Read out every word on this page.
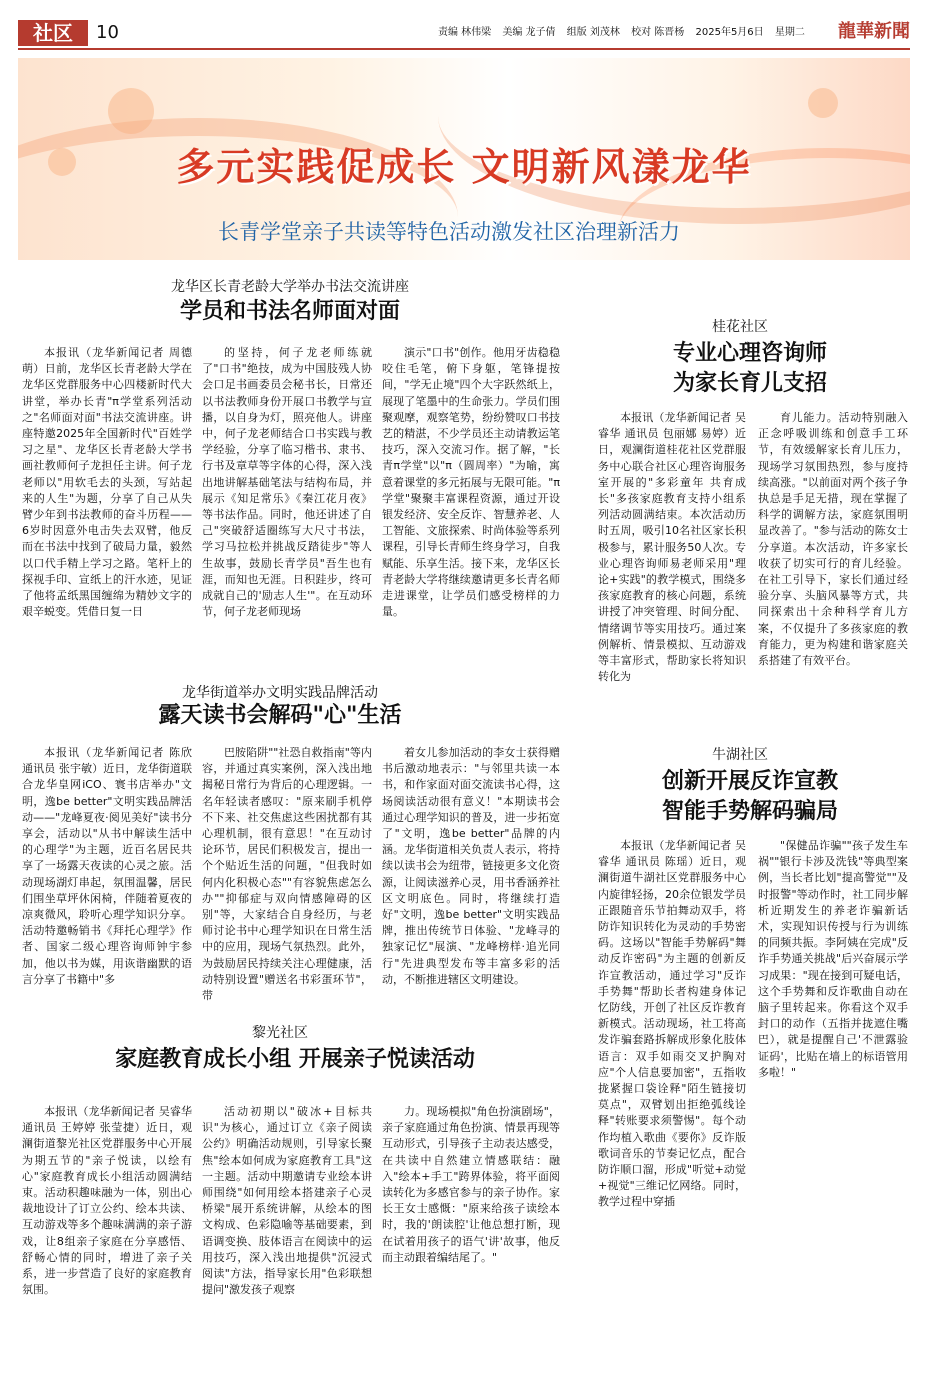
社区	10	责编 林伟梁 美编 龙子倩 组版 刘茂林 校对 陈晋杨 2025年5月6日 星期二	龍華新聞
多元实践促成长 文明新风漾龙华
长青学堂亲子共读等特色活动激发社区治理新活力
龙华区长青老龄大学举办书法交流讲座
学员和书法名师面对面

本报讯（龙华新闻记者 周德萌）日前，龙华区长青老龄大学在龙华区党群服务中心四楼新时代大讲堂，举办长青"π学堂系列活动之"名师面对面"书法交流讲座。讲座特邀2025年全国新时代"百姓学习之星"、龙华区长青老龄大学书画社教师何子龙担任主讲。何子龙老师以"用软毛去的头颈，写站起来的人生"为题，分享了自己从失臂少年到书法教师的奋斗历程——6岁时因意外电击失去双臂，他反而在书法中找到了破局力量，毅然以口代手精上学习之路。笔杆上的探视手印、宣纸上的汗水迹，见证了他将孟纸黑国缠绵为精妙文字的艰辛蜕变。凭借日复一日

的坚持，何子龙老师练就了"口书"绝技，成为中国肢残人协会口足书画委员会秘书长，日常还以书法教师身份开展口书教学与宣播，以自身为灯，照亮他人。讲座中，何子龙老师结合口书实践与教学经验，分享了临习楷书、隶书、行书及章草等字体的心得，深入浅出地讲解基础笔法与结构布局，并展示《知足常乐》《秦江花月夜》等书法作品。同时，他还讲述了自己"突破舒适圈练写大尺寸书法，学习马拉松并挑战反踏徒步"等人生故事，鼓励长青学员"吾生也有涯，而知也无涯。日积跬步，终可成就自己的'励志人生'"。在互动环节，何子龙老师现场

演示"口书"创作。他用牙齿稳稳咬住毛笔，俯下身躯，笔锋提按间，"学无止境"四个大字跃然纸上，展现了笔墨中的生命张力。学员们围聚观摩，观察笔势，纷纷赞叹口书技艺的精湛，不少学员还主动请教运笔技巧，深入交流习作。据了解，"长青π学堂"以"π（圆周率）"为喻，寓意着课堂的多元拓展与无限可能。"π学堂"聚聚丰富课程资源，通过开设银发经济、安全反诈、智慧养老、人工智能、文旅探索、时尚体验等系列课程，引导长青师生终身学习，自我赋能、乐享生活。接下来，龙华区长青老龄大学将继续邀请更多长青名师走进课堂，让学员们感受榜样的力量。

桂花社区
专业心理咨询师
为家长育儿支招

本报讯（龙华新闻记者 吴睿华 通讯员 包丽娜 易婷）近日，观澜街道桂花社区党群服务中心联合社区心理咨询服务室开展的"多彩童年 共育成长"多孩家庭教育支持小组系列活动圆满结束。本次活动历时五周，吸引10名社区家长积极参与，累计服务50人次。专业心理咨询师易老师采用"理论+实践"的教学模式，围绕多孩家庭教育的核心问题，系统讲授了冲突管理、时间分配、情绪调节等实用技巧。通过案例解析、情景模拟、互动游戏等丰富形式，帮助家长将知识转化为

育儿能力。活动特别融入正念呼吸训练和创意手工环节，有效缓解家长育儿压力，现场学习氛围热烈，参与度持续高涨。"以前面对两个孩子争执总是手足无措，现在掌握了科学的调解方法，家庭氛围明显改善了。"参与活动的陈女士分享道。本次活动，许多家长收获了切实可行的育儿经验。在社工引导下，家长们通过经验分享、头脑风暴等方式，共同探索出十余种科学育儿方案，不仅提升了多孩家庭的教育能力，更为构建和谐家庭关系搭建了有效平台。

龙华街道举办文明实践品牌活动
露天读书会解码"心"生活

本报讯（龙华新闻记者 陈欣 通讯员 张宇敏）近日，龙华街道联合龙华皇网iCO、寰书店举办"文明，逸be better"文明实践品牌活动——"龙峰夏夜·阅见美好"读书分享会，活动以"从书中解读生活中的心理学"为主题，近百名居民共享了一场露天夜读的心灵之旅。活动现场湖灯串起，氛围温馨，居民们围坐草坪休闲椅，伴随着夏夜的凉爽微风，聆听心理学知识分享。活动特邀畅销书《拜托心理学》作者、国家二级心理咨询师钟宇参加，他以书为媒，用诙谐幽默的语言分享了书籍中"多

巴胺陷阱""社恐自救指南"等内容，并通过真实案例，深入浅出地揭秘日常行为背后的心理逻辑。一名年轻读者感叹："原来刷手机停不下来、社交焦虑这些困扰都有其心理机制，很有意思！"在互动讨论环节，居民们积极发言，提出一个个贴近生活的问题，"但我时如何内化积极心态""有容貌焦虑怎么办""抑郁症与双向情感障碍的区别"等，大家结合自身经历，与老师讨论书中心理学知识在日常生活中的应用，现场气氛热烈。此外，为鼓励居民持续关注心理健康，活动特别设置"赠送名书彩蛋环节"，带

着女儿参加活动的李女士获得赠书后激动地表示："与邻里共读一本书，和作家面对面交流读书心得，这场阅读活动很有意义！"本期读书会通过心理学知识的普及，进一步拓宽了"文明，逸be better"品牌的内涵。龙华街道相关负责人表示，将持续以读书会为纽带，链接更多文化资源，让阅读滋养心灵，用书香涵养社区文明底色。同时，将继续打造好"文明，逸be better"文明实践品牌，推出传统节日体验、"龙峰寻的独家记忆"展演、"龙峰榜样·追光同行"先进典型发布等丰富多彩的活动，不断推进辖区文明建设。

牛湖社区
创新开展反诈宣教
智能手势解码骗局

本报讯（龙华新闻记者 吴睿华 通讯员 陈瑶）近日，观澜街道牛湖社区党群服务中心内旋律轻扬，20余位银发学员正跟随音乐节拍舞动双手，将防诈知识转化为灵动的手势密码。这场以"智能手势解码"舞动反诈密码"为主题的创新反诈宣教活动，通过学习"反诈手势舞"帮助长者构建身体记忆防线，开创了社区反诈教育新模式。活动现场，社工将高发诈骗套路拆解成形象化肢体语言：双手如雨交叉护胸对应"个人信息要加密"，五指收拢紧握口袋诠释"陌生链接切莫点"，双臂划出拒绝弧线诠释"转账要求须警惕"。每个动作均植入歌曲《要你》反诈版歌词音乐的节奏记忆点，配合防诈顺口溜，形成"听觉+动觉+视觉"三维记忆网络。同时，教学过程中穿插

"保健品诈骗""孩子发生车祸""银行卡涉及洗钱"等典型案例，当长者比划"提高警觉""及时报警"等动作时，社工同步解析近期发生的养老诈骗新话术，实现知识传授与行为训练的同频共振。李阿姨在完成"反诈手势通关挑战"后兴奋展示学习成果："现在接到可疑电话，这个手势舞和反诈歌曲自动在脑子里转起来。你看这个双手封口的动作（五指并拢遮住嘴巴），就是提醒自己'不泄露验证码'，比贴在墙上的标语管用多啦！"

黎光社区
家庭教育成长小组 开展亲子悦读活动

本报讯（龙华新闻记者 吴睿华 通讯员 王婷婷 张莹捷）近日，观澜街道黎光社区党群服务中心开展为期五节的"亲子悦读，以绘有心"家庭教育成长小组活动圆满结束。活动积趣味融为一体，别出心裁地设计了订立公约、绘本共读、互动游戏等多个趣味满满的亲子游戏，让8组亲子家庭在分享感悟、舒畅心情的同时，增进了亲子关系，进一步营造了良好的家庭教育氛围。

活动初期以"破冰+目标共识"为核心，通过订立《亲子阅读公约》明确活动规则，引导家长聚焦"绘本如何成为家庭教育工具"这一主题。活动中期邀请专业绘本讲师围绕"如何用绘本搭建亲子心灵桥梁"展开系统讲解，从绘本的图文构成、色彩隐喻等基础要素，到语调变换、肢体语言在阅读中的运用技巧，深入浅出地提供"沉浸式阅读"方法，指导家长用"色彩联想提问"激发孩子观察

力。现场模拟"角色扮演剧场"，亲子家庭通过角色扮演、情景再现等互动形式，引导孩子主动表达感受，在共读中自然建立情感联结：融入"绘本+手工"跨界体验，将平面阅读转化为多感官参与的亲子协作。家长王女士感慨："原来给孩子读绘本时，我的'朗读腔'让他总想打断，现在试着用孩子的语气'讲'故事，他反而主动跟着编结尾了。"
